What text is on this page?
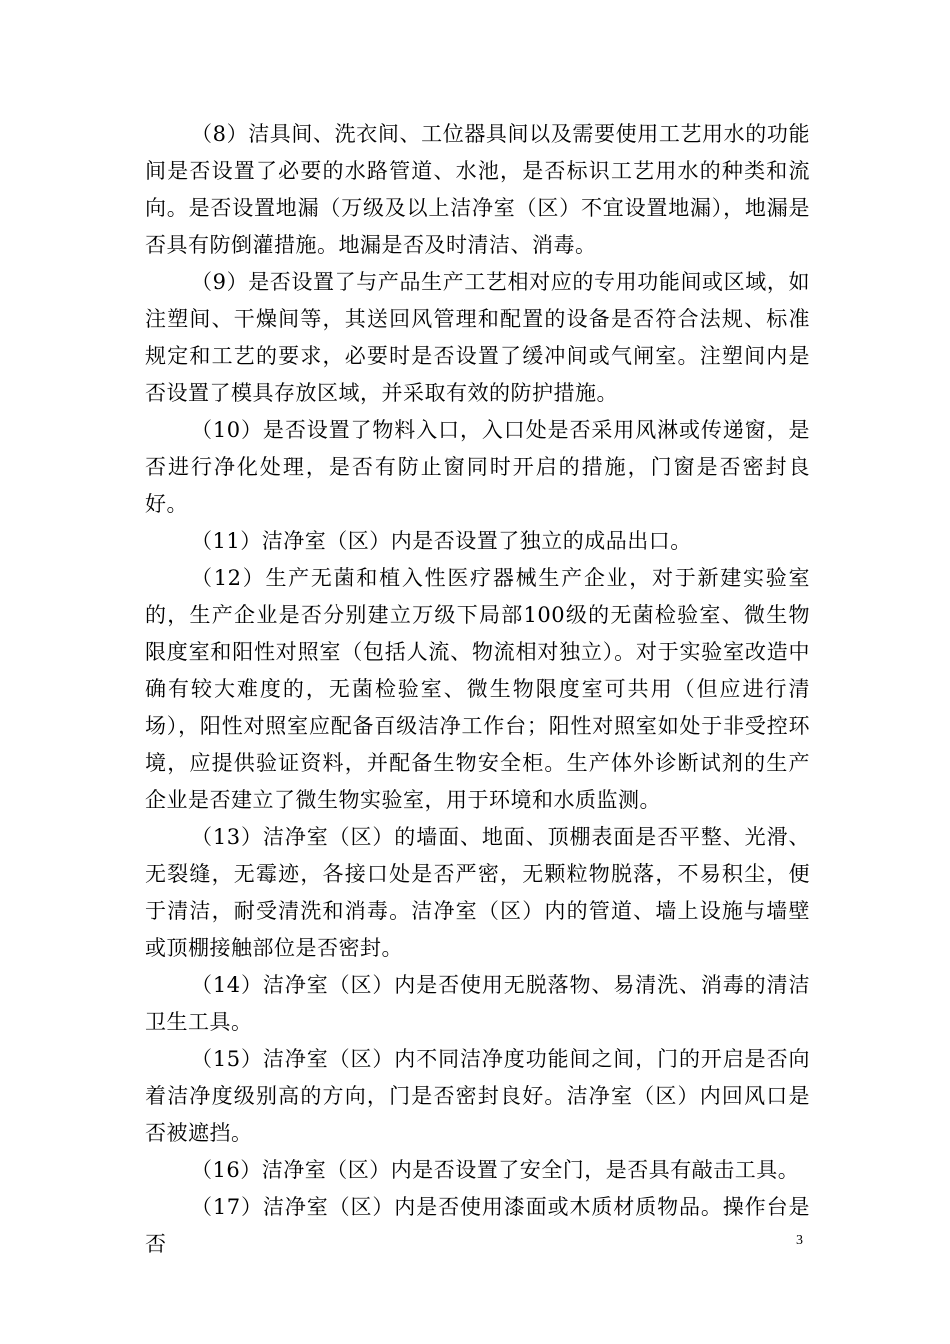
（8）洁具间、洗衣间、工位器具间以及需要使用工艺用水的功能间是否设置了必要的水路管道、水池，是否标识工艺用水的种类和流向。是否设置地漏（万级及以上洁净室（区）不宜设置地漏），地漏是否具有防倒灌措施。地漏是否及时清洁、消毒。

（9）是否设置了与产品生产工艺相对应的专用功能间或区域，如注塑间、干燥间等，其送回风管理和配置的设备是否符合法规、标准规定和工艺的要求，必要时是否设置了缓冲间或气闸室。注塑间内是否设置了模具存放区域，并采取有效的防护措施。

（10）是否设置了物料入口，入口处是否采用风淋或传递窗，是否进行净化处理，是否有防止窗同时开启的措施，门窗是否密封良好。

（11）洁净室（区）内是否设置了独立的成品出口。

（12）生产无菌和植入性医疗器械生产企业，对于新建实验室的，生产企业是否分别建立万级下局部100级的无菌检验室、微生物限度室和阳性对照室（包括人流、物流相对独立）。对于实验室改造中确有较大难度的，无菌检验室、微生物限度室可共用（但应进行清场），阳性对照室应配备百级洁净工作台；阳性对照室如处于非受控环境，应提供验证资料，并配备生物安全柜。生产体外诊断试剂的生产企业是否建立了微生物实验室，用于环境和水质监测。

（13）洁净室（区）的墙面、地面、顶棚表面是否平整、光滑、无裂缝，无霉迹，各接口处是否严密，无颗粒物脱落，不易积尘，便于清洁，耐受清洗和消毒。洁净室（区）内的管道、墙上设施与墙壁或顶棚接触部位是否密封。

（14）洁净室（区）内是否使用无脱落物、易清洗、消毒的清洁卫生工具。

（15）洁净室（区）内不同洁净度功能间之间，门的开启是否向着洁净度级别高的方向，门是否密封良好。洁净室（区）内回风口是否被遮挡。

（16）洁净室（区）内是否设置了安全门，是否具有敲击工具。

（17）洁净室（区）内是否使用漆面或木质材质物品。操作台是否	3
